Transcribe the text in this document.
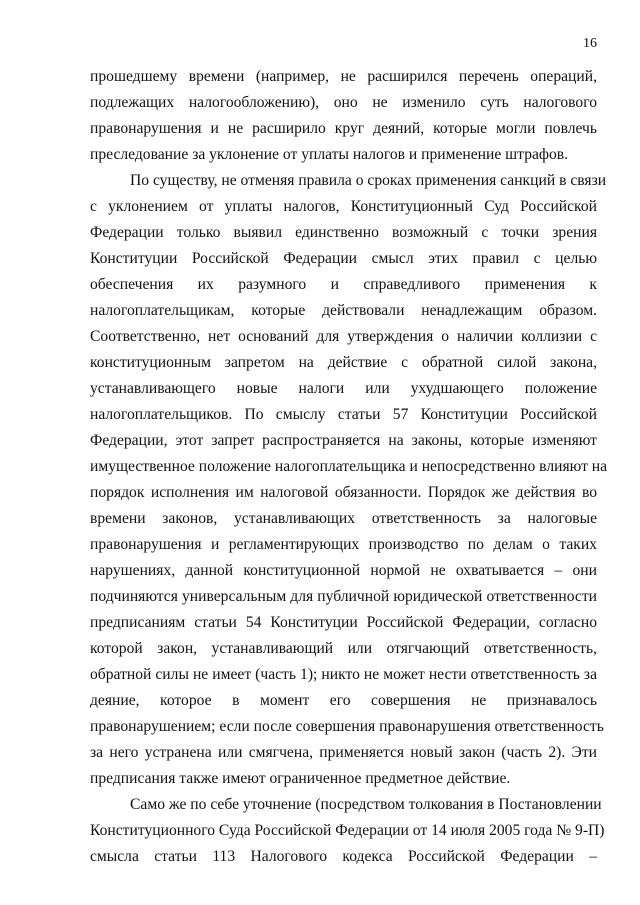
16
прошедшему времени (например, не расширился перечень операций,
подлежащих налогообложению), оно не изменило суть налогового
правонарушения и не расширило круг деяний, которые могли повлечь
преследование за уклонение от уплаты налогов и применение штрафов.
По существу, не отменяя правила о сроках применения санкций в связи
с уклонением от уплаты налогов, Конституционный Суд Российской
Федерации только выявил единственно возможный с точки зрения
Конституции Российской Федерации смысл этих правил с целью
обеспечения их разумного и справедливого применения к
налогоплательщикам, которые действовали ненадлежащим образом.
Соответственно, нет оснований для утверждения о наличии коллизии с
конституционным запретом на действие с обратной силой закона,
устанавливающего новые налоги или ухудшающего положение
налогоплательщиков. По смыслу статьи 57 Конституции Российской
Федерации, этот запрет распространяется на законы, которые изменяют
имущественное положение налогоплательщика и непосредственно влияют на
порядок исполнения им налоговой обязанности. Порядок же действия во
времени законов, устанавливающих ответственность за налоговые
правонарушения и регламентирующих производство по делам о таких
нарушениях, данной конституционной нормой не охватывается – они
подчиняются универсальным для публичной юридической ответственности
предписаниям статьи 54 Конституции Российской Федерации, согласно
которой закон, устанавливающий или отягчающий ответственность,
обратной силы не имеет (часть 1); никто не может нести ответственность за
деяние, которое в момент его совершения не признавалось
правонарушением; если после совершения правонарушения ответственность
за него устранена или смягчена, применяется новый закон (часть 2). Эти
предписания также имеют ограниченное предметное действие.
Само же по себе уточнение (посредством толкования в Постановлении
Конституционного Суда Российской Федерации от 14 июля 2005 года № 9-П)
смысла статьи 113 Налогового кодекса Российской Федерации –
